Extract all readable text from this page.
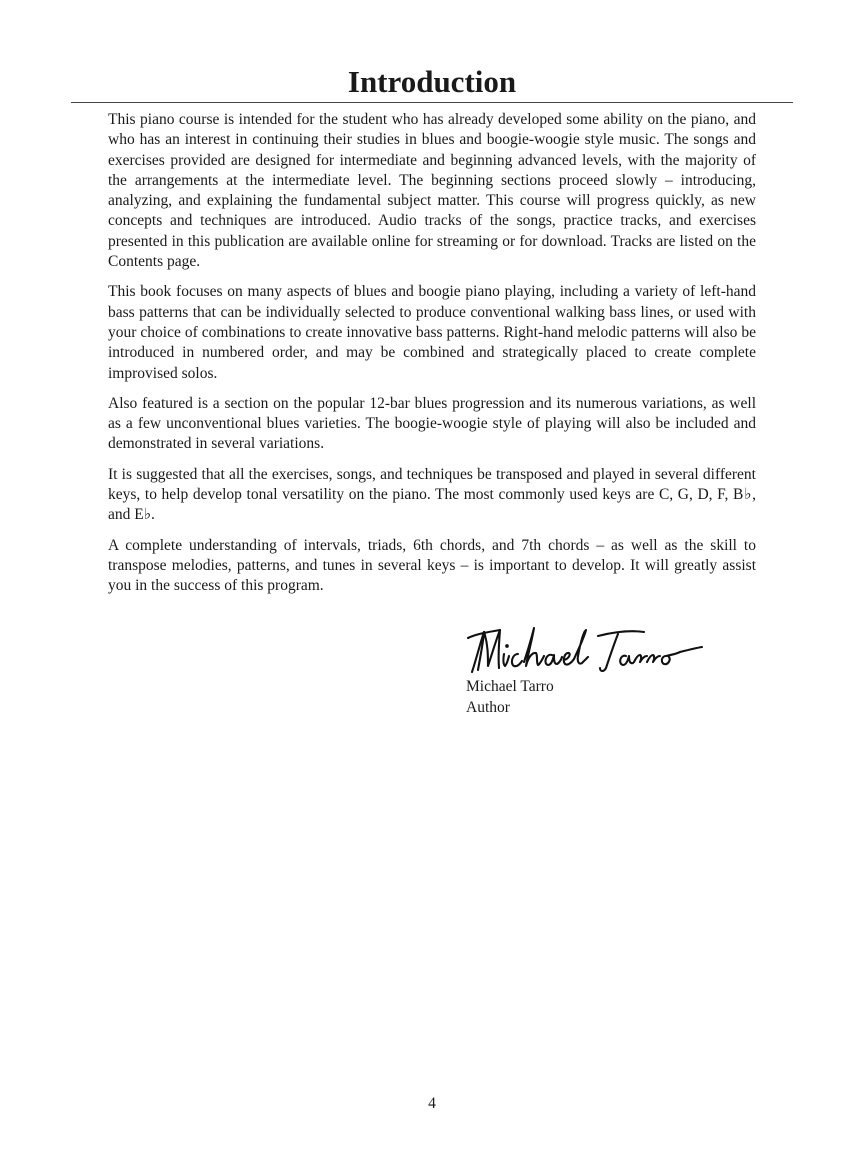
Introduction

This piano course is intended for the student who has already developed some ability on the piano, and who has an interest in continuing their studies in blues and boogie-woogie style music. The songs and exercises provided are designed for intermediate and beginning advanced levels, with the majority of the arrangements at the intermediate level. The beginning sections proceed slowly – introducing, analyzing, and explaining the fundamental subject matter. This course will progress quickly, as new concepts and techniques are introduced. Audio tracks of the songs, practice tracks, and exercises presented in this publication are available online for streaming or for download. Tracks are listed on the Contents page.

This book focuses on many aspects of blues and boogie piano playing, including a variety of left-hand bass patterns that can be individually selected to produce conventional walking bass lines, or used with your choice of combinations to create innovative bass patterns. Right-hand melodic patterns will also be introduced in numbered order, and may be combined and strategically placed to create complete improvised solos.

Also featured is a section on the popular 12-bar blues progression and its numerous variations, as well as a few unconventional blues varieties. The boogie-woogie style of playing will also be included and demonstrated in several variations.

It is suggested that all the exercises, songs, and techniques be transposed and played in several different keys, to help develop tonal versatility on the piano. The most commonly used keys are C, G, D, F, B♭, and E♭.

A complete understanding of intervals, triads, 6th chords, and 7th chords – as well as the skill to transpose melodies, patterns, and tunes in several keys – is important to develop. It will greatly assist you in the success of this program.

Michael Tarro

Author

4
